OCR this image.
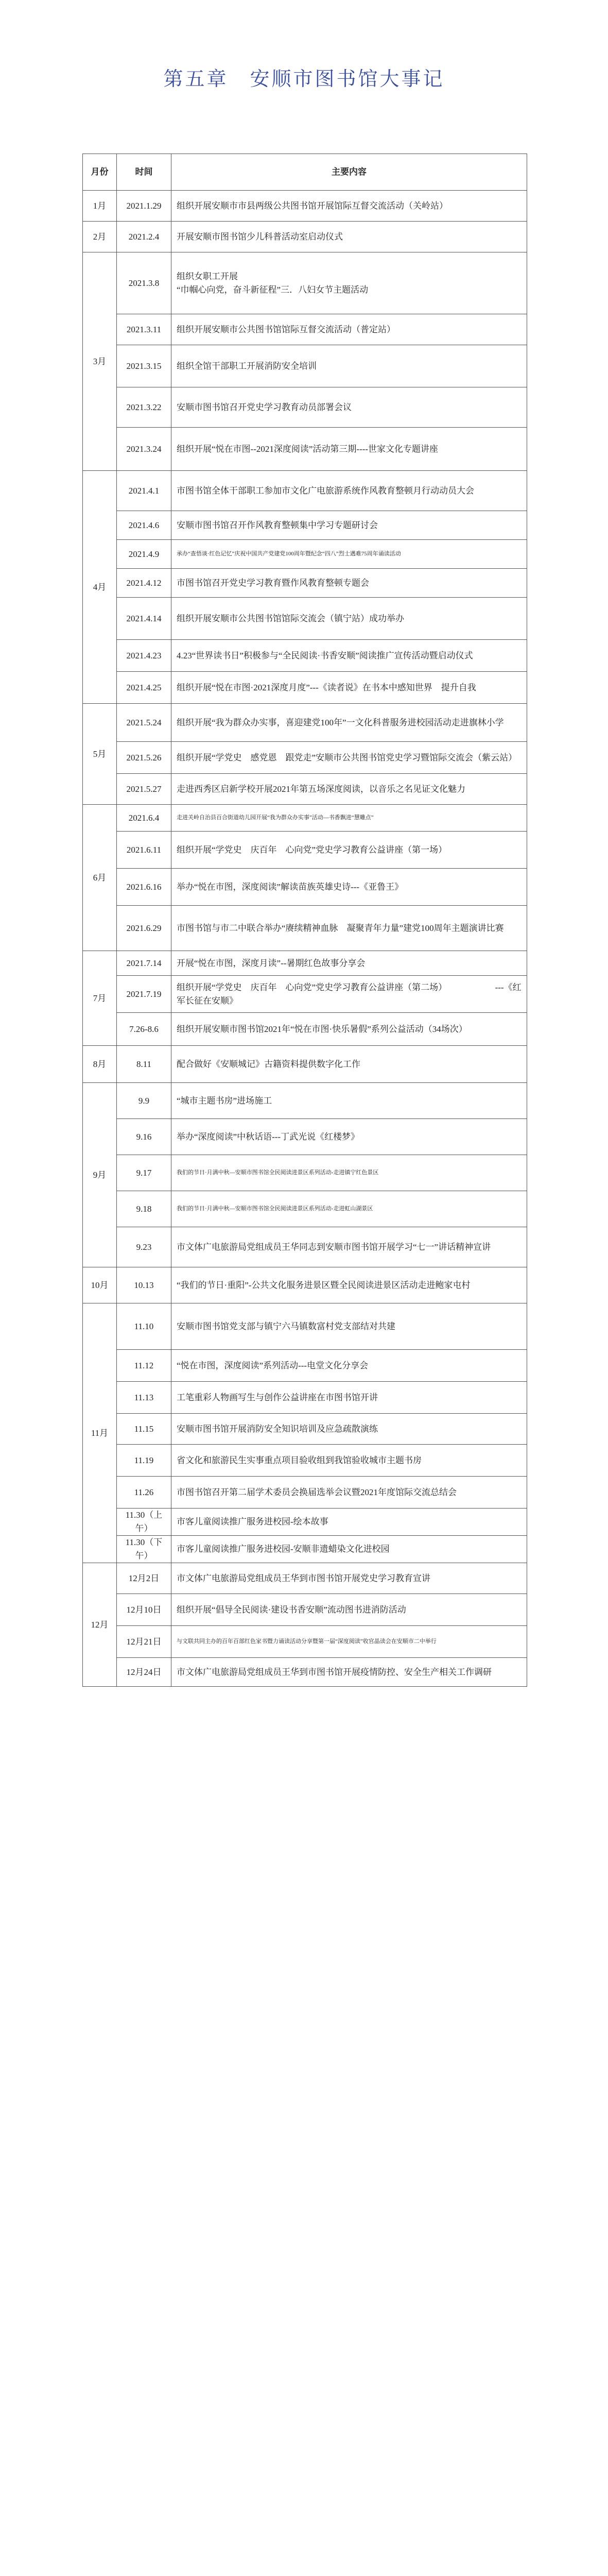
第五章　安顺市图书馆大事记
月份	时间	主要内容
1月	2021.1.29	组织开展安顺市市县两级公共图书馆开展馆际互督交流活动（关岭站）
2月	2021.2.4	开展安顺市图书馆少儿科普活动室启动仪式
3月	2021.3.8	组织女职工开展
“巾帼心向党，奋斗新征程”三．八妇女节主题活动
	2021.3.11	组织开展安顺市公共图书馆馆际互督交流活动（普定站）
	2021.3.15	组织全馆干部职工开展消防安全培训
	2021.3.22	安顺市图书馆召开党史学习教育动员部署会议
	2021.3.24	组织开展“悦在市图--2021深度阅读”活动第三期----世家文化专题讲座
4月	2021.4.1	市图书馆全体干部职工参加市文化广电旅游系统作风教育整顿月行动动员大会
	2021.4.6	安顺市图书馆召开作风教育整顿集中学习专题研讨会
	2021.4.9	承办“查悟谈·红色记忆”庆祝中国共产党建党100周年暨纪念“四八”烈士遇难75周年诵读活动
	2021.4.12	市图书馆召开党史学习教育暨作风教育整顿专题会
	2021.4.14	组织开展安顺市公共图书馆馆际交流会（镇宁站）成功举办
	2021.4.23	4.23“世界读书日”积极参与“全民阅读·书香安顺”阅读推广宣传活动暨启动仪式
	2021.4.25	组织开展“悦在市图·2021深度月度”---《读者说》在书本中感知世界　提升自我
5月	2021.5.24	组织开展“我为群众办实事，喜迎建党100年”一文化科普服务进校园活动走进旗林小学
	2021.5.26	组织开展“学党史　感党恩　跟党走”安顺市公共图书馆党史学习暨馆际交流会（紫云站）
	2021.5.27	走进西秀区启新学校开展2021年第五场深度阅读，以音乐之名见证文化魅力
6月	2021.6.4	走进关岭自治县百合街道幼儿园开展“我为群众办实事”活动—书香飘进“慧雕点”
	2021.6.11	组织开展“学党史　庆百年　心向党”党史学习教育公益讲座（第一场）
	2021.6.16	举办“悦在市图，深度阅读”解读苗族英雄史诗---《亚鲁王》
	2021.6.29	市图书馆与市二中联合举办“赓续精神血脉　凝聚青年力量”建党100周年主题演讲比赛
7月	2021.7.14	开展“悦在市图，深度月读”--暑期红色故事分享会
	2021.7.19	组织开展“学党史　庆百年　心向党”党史学习教育公益讲座（第二场）　　　　　　---《红军长征在安顺》
	7.26-8.6	组织开展安顺市图书馆2021年“悦在市图·快乐暑假”系列公益活动（34场次）
8月	8.11	配合做好《安顺城记》古籍资料提供数字化工作
9月	9.9	“城市主题书房”进场施工
	9.16	举办“深度阅读”中秋话语---丁武光说《红楼梦》
	9.17	我们的节日·月满中秋—安顺市图书馆全民阅读进景区系列活动-走进镇宁红色景区
	9.18	我们的节日·月满中秋—安顺市图书馆全民阅读进景区系列活动-走进虹山湖景区
	9.23	市文体广电旅游局党组成员王华同志到安顺市图书馆开展学习“七一”讲话精神宣讲
10月	10.13	“我们的节日·重阳”-公共文化服务进景区暨全民阅读进景区活动走进鲍家屯村
11月	11.10	安顺市图书馆党支部与镇宁六马镇数富村党支部结对共建
	11.12	“悦在市图，深度阅读”系列活动---电堂文化分享会
	11.13	工笔重彩人物画写生与创作公益讲座在市图书馆开讲
	11.15	安顺市图书馆开展消防安全知识培训及应急疏散演练
	11.19	省文化和旅游民生实事重点项目验收组到我馆验收城市主题书房
	11.26	市图书馆召开第二届学术委员会换届选举会议暨2021年度馆际交流总结会
	11.30（上午）	市客儿童阅读推广服务进校园-绘本故事
	11.30（下午）	市客儿童阅读推广服务进校园-安顺非遗蜡染文化进校园
12月	12月2日	市文体广电旅游局党组成员王华到市图书馆开展党史学习教育宣讲
	12月10日	组织开展“倡导全民阅读·建设书香安顺”流动图书进消防活动
	12月21日	与文联共同主办的百年百部红色家书暨力诵读活动分享暨第一届“深度阅读”收官晶读会在安顺市二中举行
	12月24日	市文体广电旅游局党组成员王华到市图书馆开展疫情防控、安全生产相关工作调研
